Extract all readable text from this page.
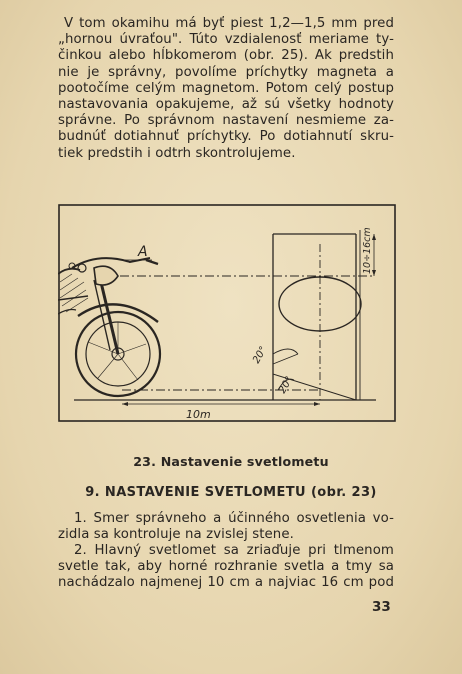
V tom okamihu má byť piest 1,2—1,5 mm pred
„hornou úvraťou". Túto vzdialenosť meriame ty-
činkou alebo hĺbkomerom (obr. 25). Ak predstih
nie je správny, povolíme príchytky magneta a
pootočíme celým magnetom. Potom celý postup
nastavovania opakujeme, až sú všetky hodnoty
správne. Po správnom nastavení nesmieme za-
budnúť dotiahnuť príchytky. Po dotiahnutí skru-
tiek predstih i odtrh skontrolujeme.
A
10m
10÷16cm
20°
20°
23. Nastavenie svetlometu
9. NASTAVENIE SVETLOMETU (obr. 23)
1. Smer správneho a účinného osvetlenia vo-
zidla sa kontroluje na zvislej stene.
2. Hlavný svetlomet sa zriaďuje pri tlmenom
svetle tak, aby horné rozhranie svetla a tmy sa
nachádzalo najmenej 10 cm a najviac 16 cm pod
33
